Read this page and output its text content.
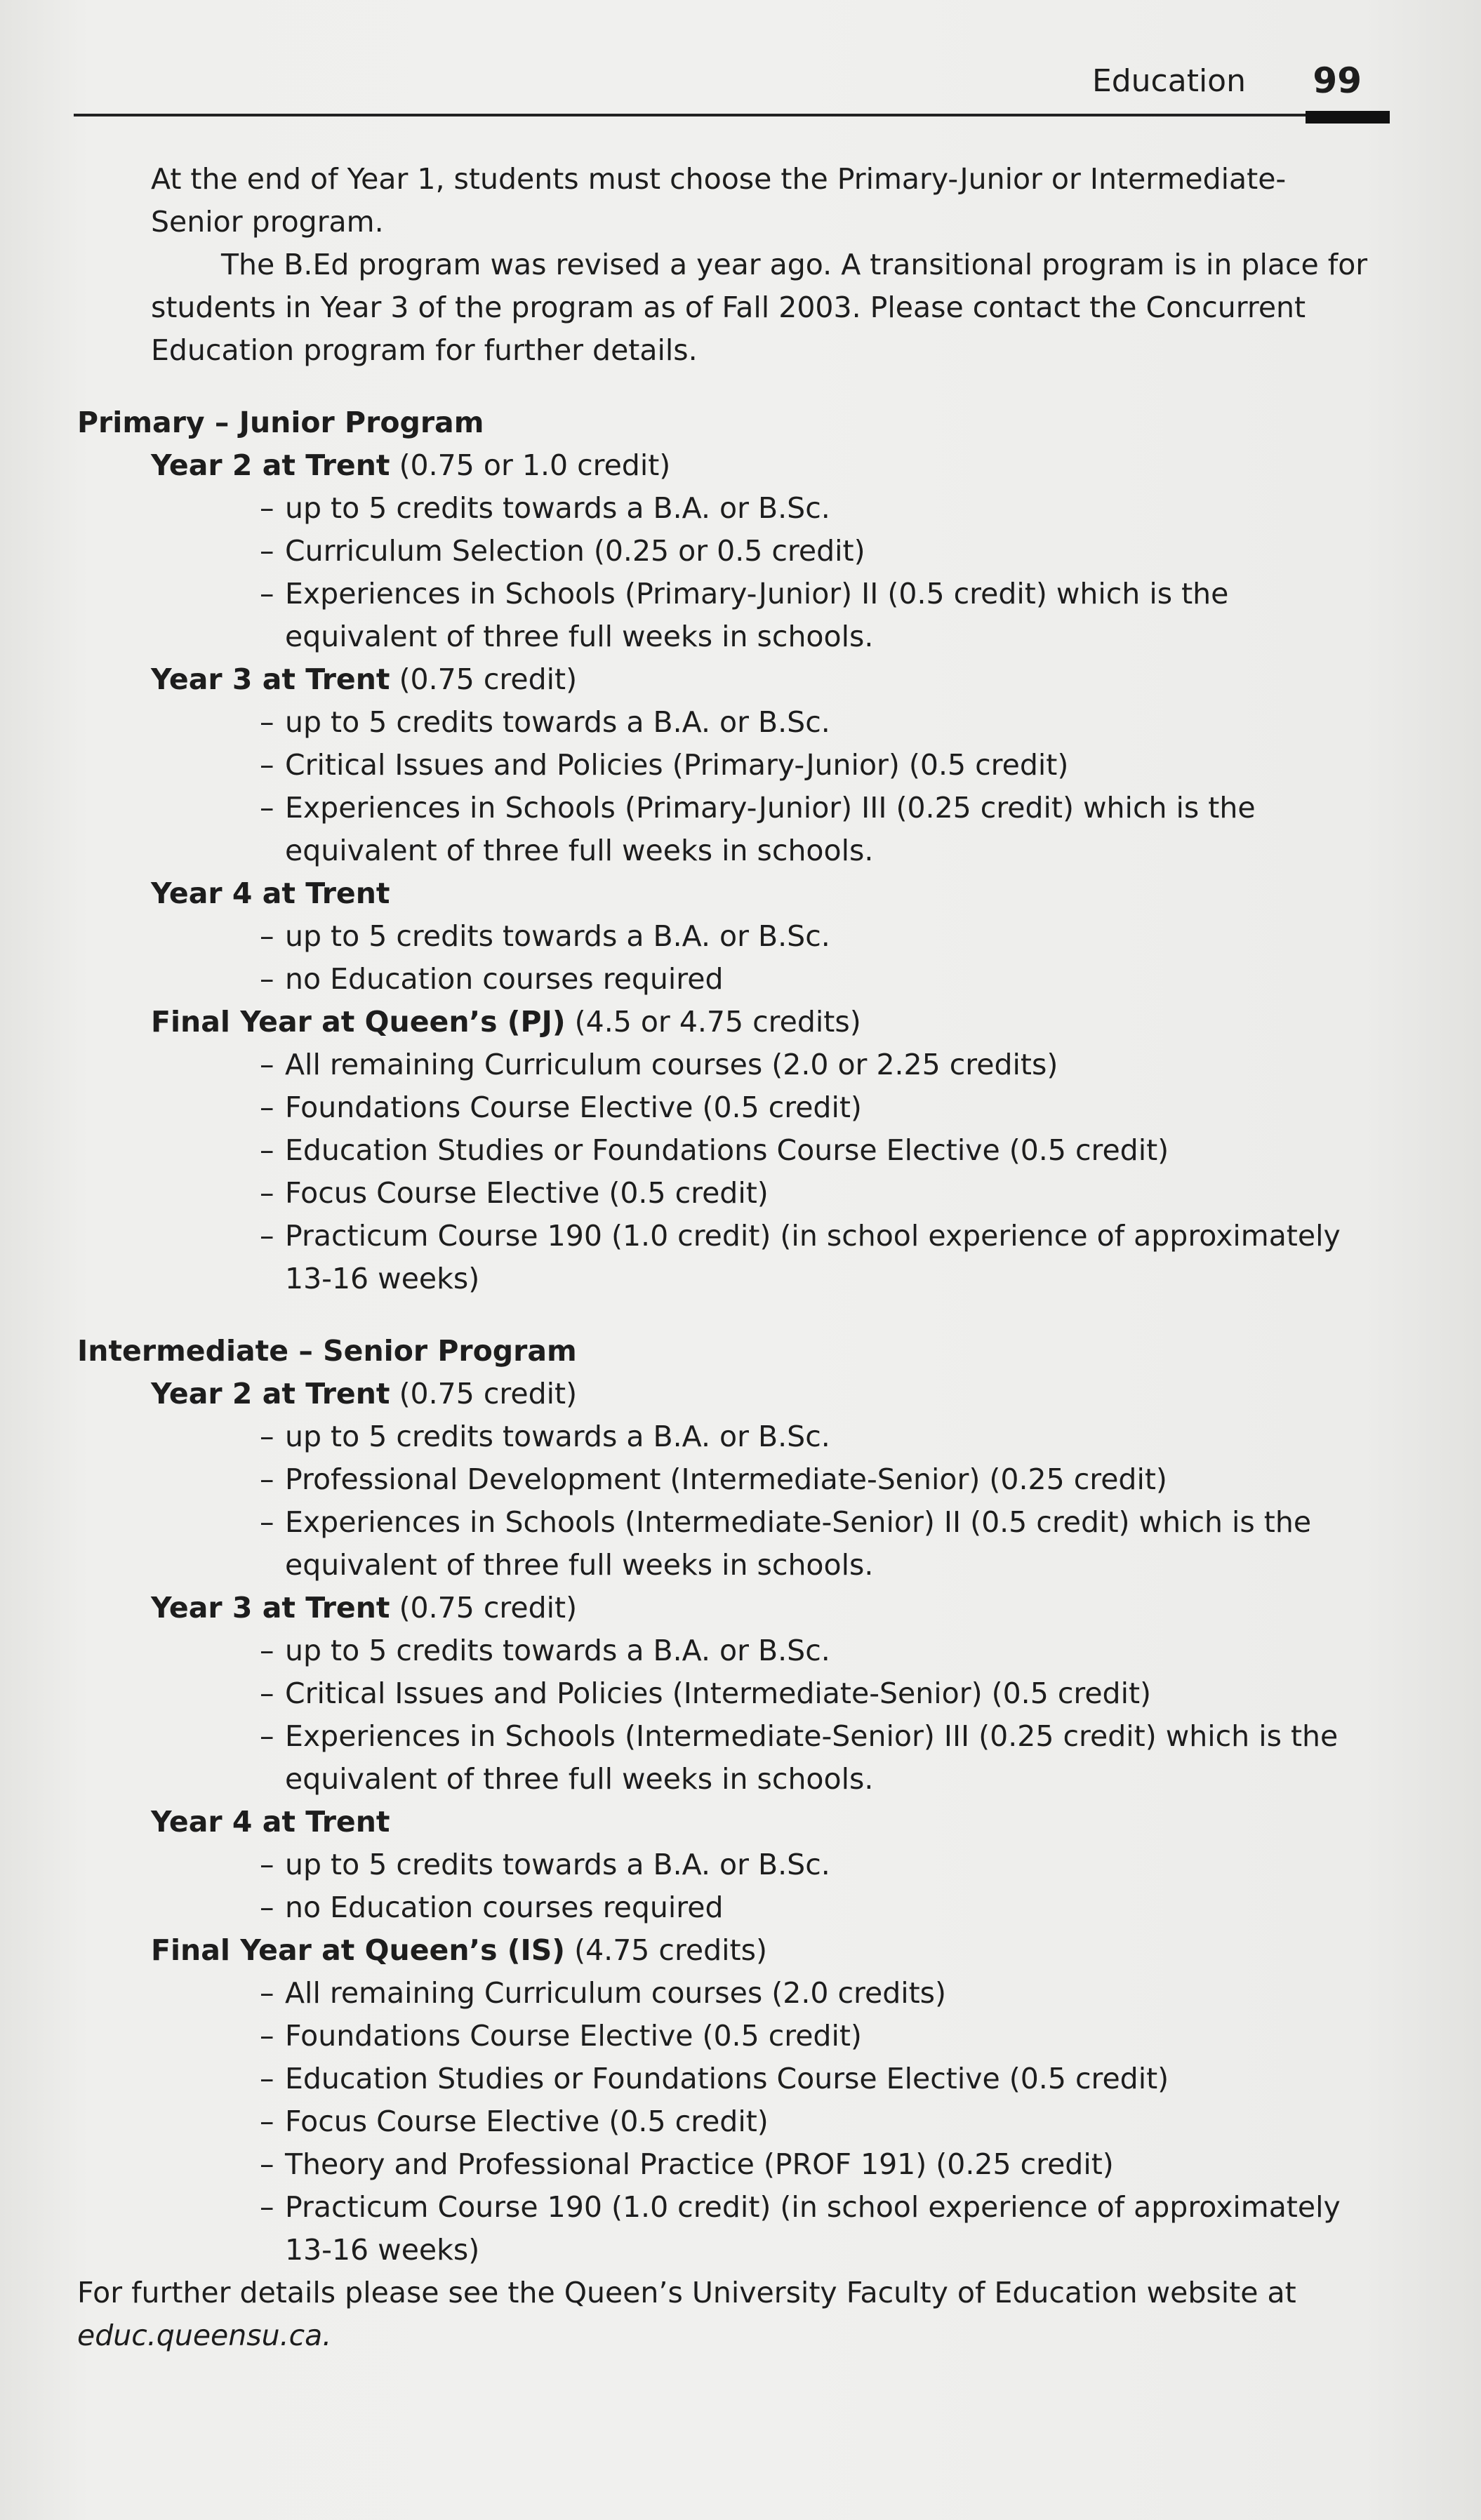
Education 99

At the end of Year 1, students must choose the Primary-Junior or Intermediate-Senior program.

The B.Ed program was revised a year ago. A transitional program is in place for students in Year 3 of the program as of Fall 2003. Please contact the Concurrent Education program for further details.

Primary – Junior Program

Year 2 at Trent (0.75 or 1.0 credit)
– up to 5 credits towards a B.A. or B.Sc.
– Curriculum Selection (0.25 or 0.5 credit)
– Experiences in Schools (Primary-Junior) II (0.5 credit) which is the equivalent of three full weeks in schools.
Year 3 at Trent (0.75 credit)
– up to 5 credits towards a B.A. or B.Sc.
– Critical Issues and Policies (Primary-Junior) (0.5 credit)
– Experiences in Schools (Primary-Junior) III (0.25 credit) which is the equivalent of three full weeks in schools.
Year 4 at Trent
– up to 5 credits towards a B.A. or B.Sc.
– no Education courses required
Final Year at Queen’s (PJ) (4.5 or 4.75 credits)
– All remaining Curriculum courses (2.0 or 2.25 credits)
– Foundations Course Elective (0.5 credit)
– Education Studies or Foundations Course Elective (0.5 credit)
– Focus Course Elective (0.5 credit)
– Practicum Course 190 (1.0 credit) (in school experience of approximately 13-16 weeks)

Intermediate – Senior Program

Year 2 at Trent (0.75 credit)
– up to 5 credits towards a B.A. or B.Sc.
– Professional Development (Intermediate-Senior) (0.25 credit)
– Experiences in Schools (Intermediate-Senior) II (0.5 credit) which is the equivalent of three full weeks in schools.
Year 3 at Trent (0.75 credit)
– up to 5 credits towards a B.A. or B.Sc.
– Critical Issues and Policies (Intermediate-Senior) (0.5 credit)
– Experiences in Schools (Intermediate-Senior) III (0.25 credit) which is the equivalent of three full weeks in schools.
Year 4 at Trent
– up to 5 credits towards a B.A. or B.Sc.
– no Education courses required
Final Year at Queen’s (IS) (4.75 credits)
– All remaining Curriculum courses (2.0 credits)
– Foundations Course Elective (0.5 credit)
– Education Studies or Foundations Course Elective (0.5 credit)
– Focus Course Elective (0.5 credit)
– Theory and Professional Practice (PROF 191) (0.25 credit)
– Practicum Course 190 (1.0 credit) (in school experience of approximately 13-16 weeks)

For further details please see the Queen’s University Faculty of Education website at
educ.queensu.ca.
